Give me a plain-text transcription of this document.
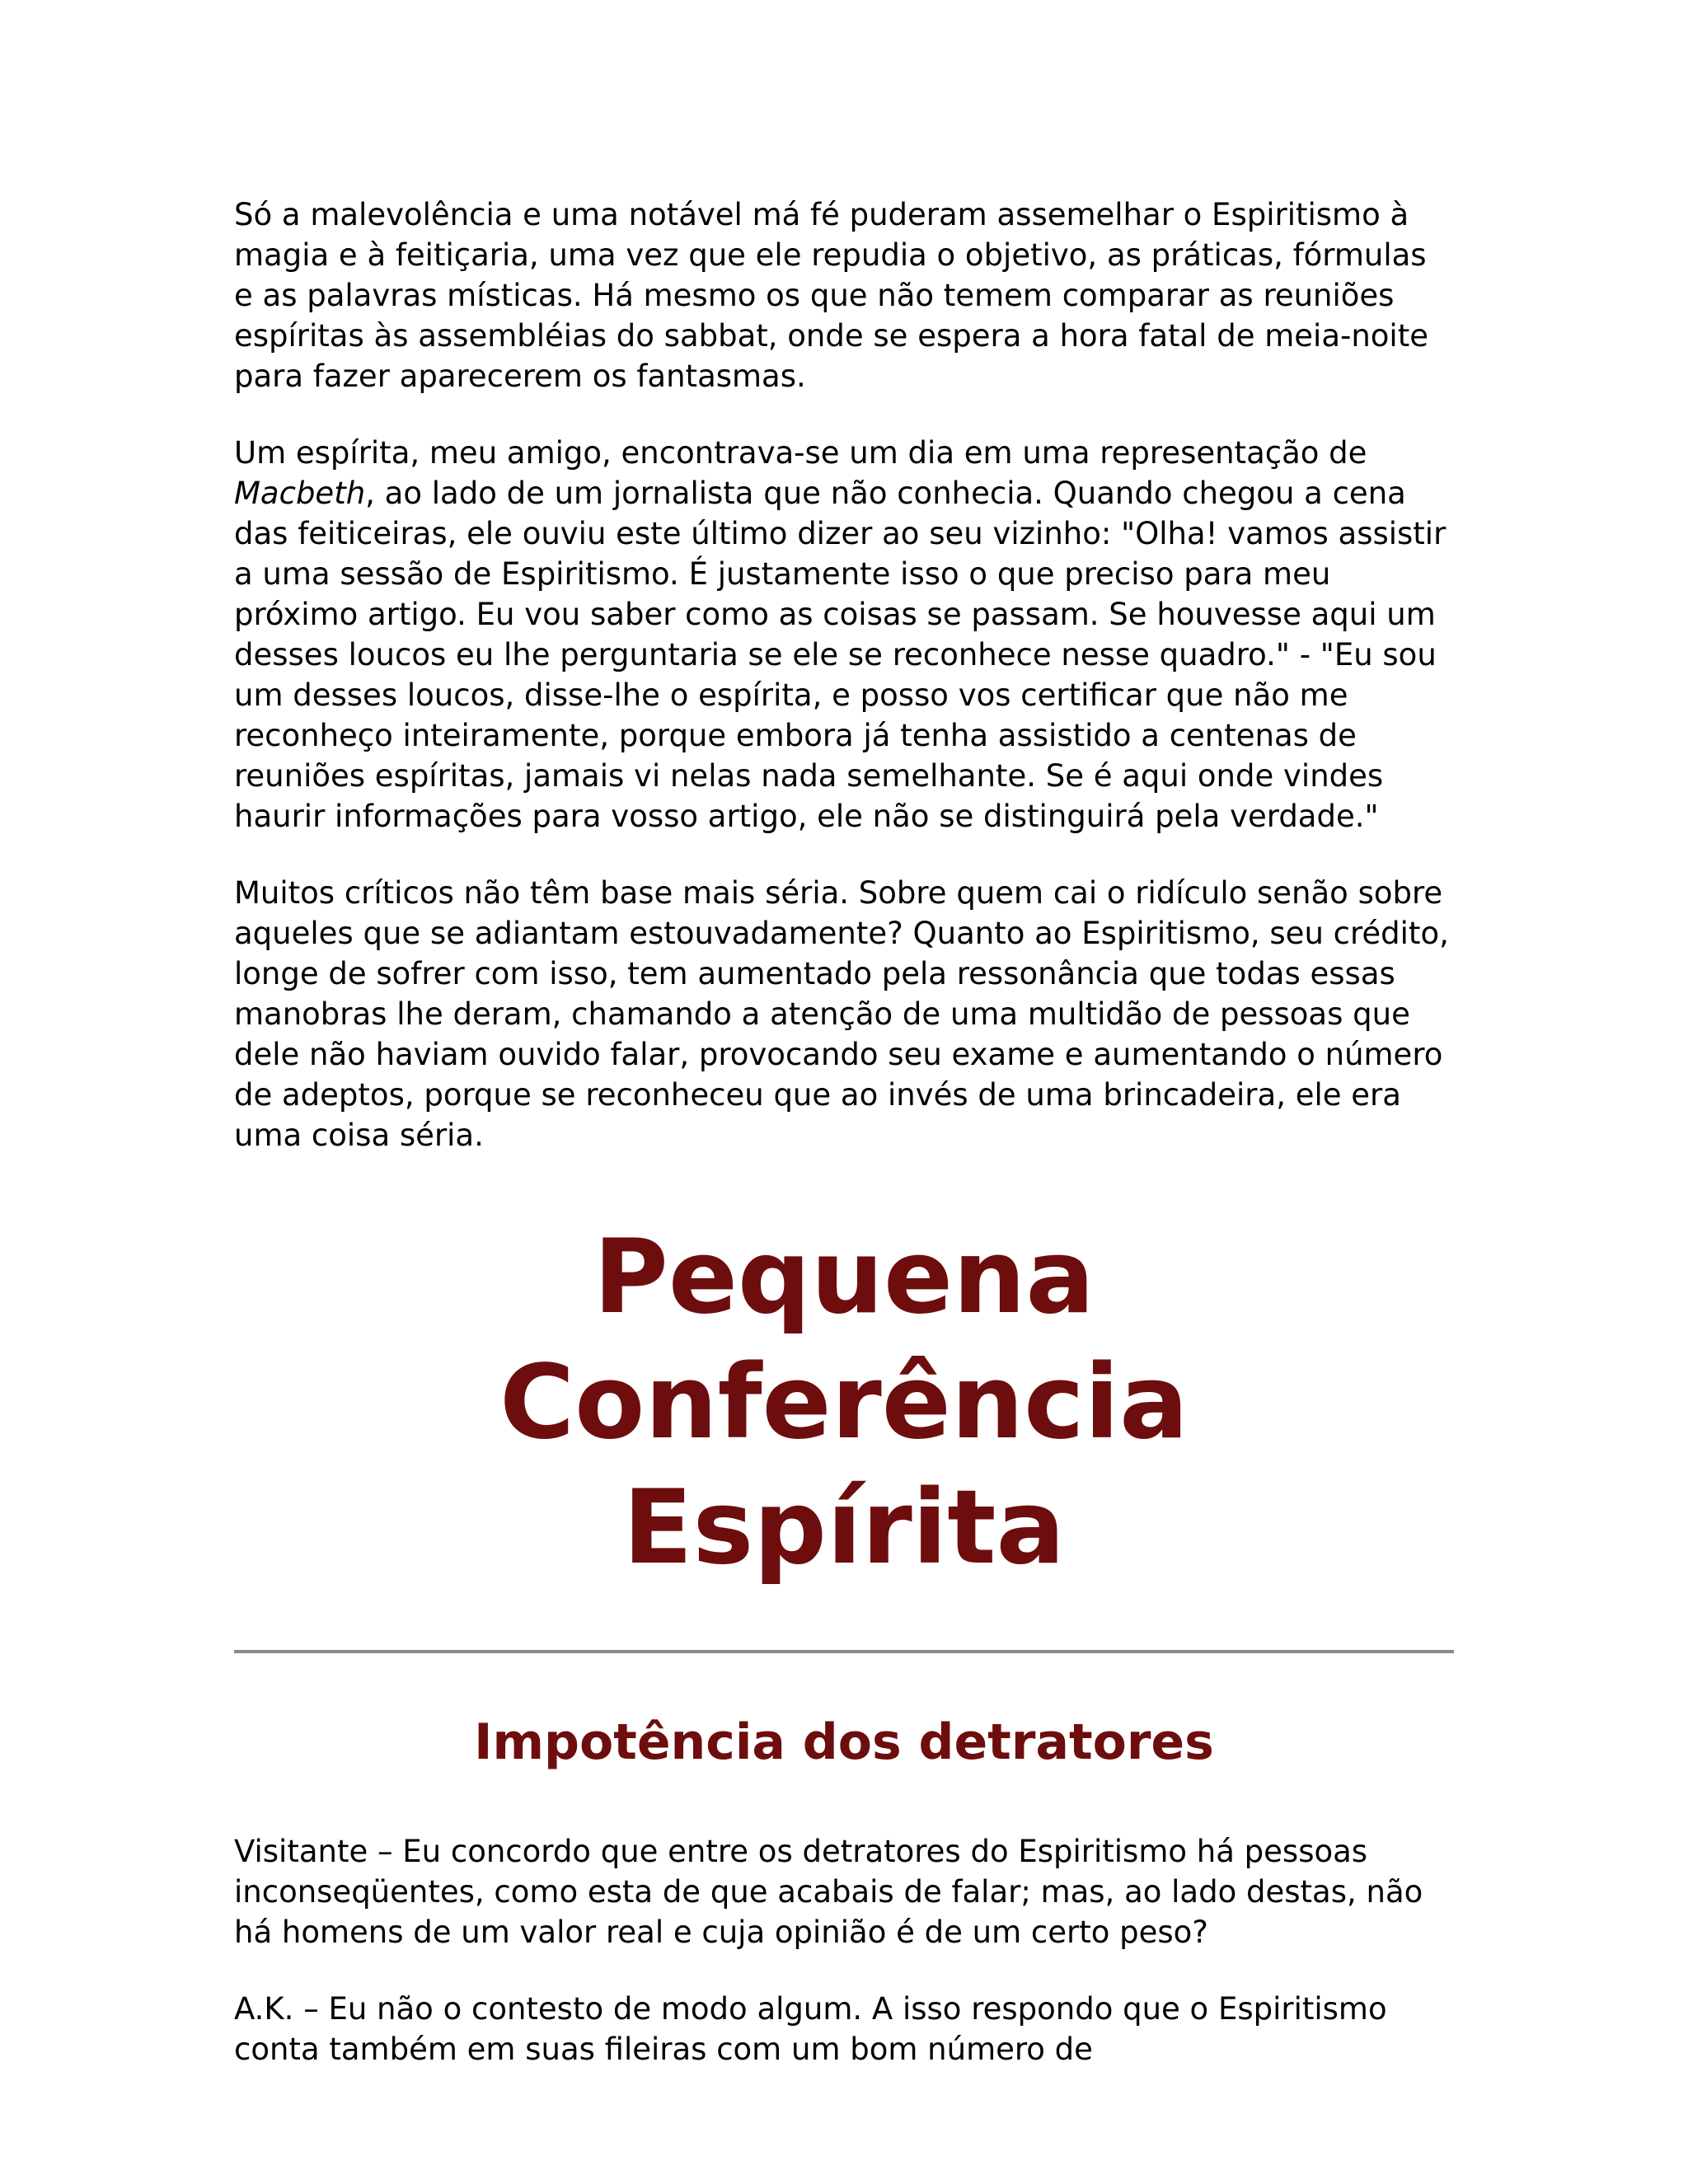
Só a malevolência e uma notável má fé puderam assemelhar o Espiritismo à magia e à feitiçaria, uma vez que ele repudia o objetivo, as práticas, fórmulas e as palavras místicas. Há mesmo os que não temem comparar as reuniões espíritas às assembléias do sabbat, onde se espera a hora fatal de meia-noite para fazer aparecerem os fantasmas.

Um espírita, meu amigo, encontrava-se um dia em uma representação de Macbeth, ao lado de um jornalista que não conhecia. Quando chegou a cena das feiticeiras, ele ouviu este último dizer ao seu vizinho: "Olha! vamos assistir a uma sessão de Espiritismo. É justamente isso o que preciso para meu próximo artigo. Eu vou saber como as coisas se passam. Se houvesse aqui um desses loucos eu lhe perguntaria se ele se reconhece nesse quadro." - "Eu sou um desses loucos, disse-lhe o espírita, e posso vos certificar que não me reconheço inteiramente, porque embora já tenha assistido a centenas de reuniões espíritas, jamais vi nelas nada semelhante. Se é aqui onde vindes haurir informações para vosso artigo, ele não se distinguirá pela verdade."

Muitos críticos não têm base mais séria. Sobre quem cai o ridículo senão sobre aqueles que se adiantam estouvadamente? Quanto ao Espiritismo, seu crédito, longe de sofrer com isso, tem aumentado pela ressonância que todas essas manobras lhe deram, chamando a atenção de uma multidão de pessoas que dele não haviam ouvido falar, provocando seu exame e aumentando o número de adeptos, porque se reconheceu que ao invés de uma brincadeira, ele era uma coisa séria.

Pequena Conferência
Espírita
Impotência dos detratores

Visitante – Eu concordo que entre os detratores do Espiritismo há pessoas inconseqüentes, como esta de que acabais de falar; mas, ao lado destas, não há homens de um valor real e cuja opinião é de um certo peso?

A.K. – Eu não o contesto de modo algum. A isso respondo que o Espiritismo conta também em suas fileiras com um bom número de
